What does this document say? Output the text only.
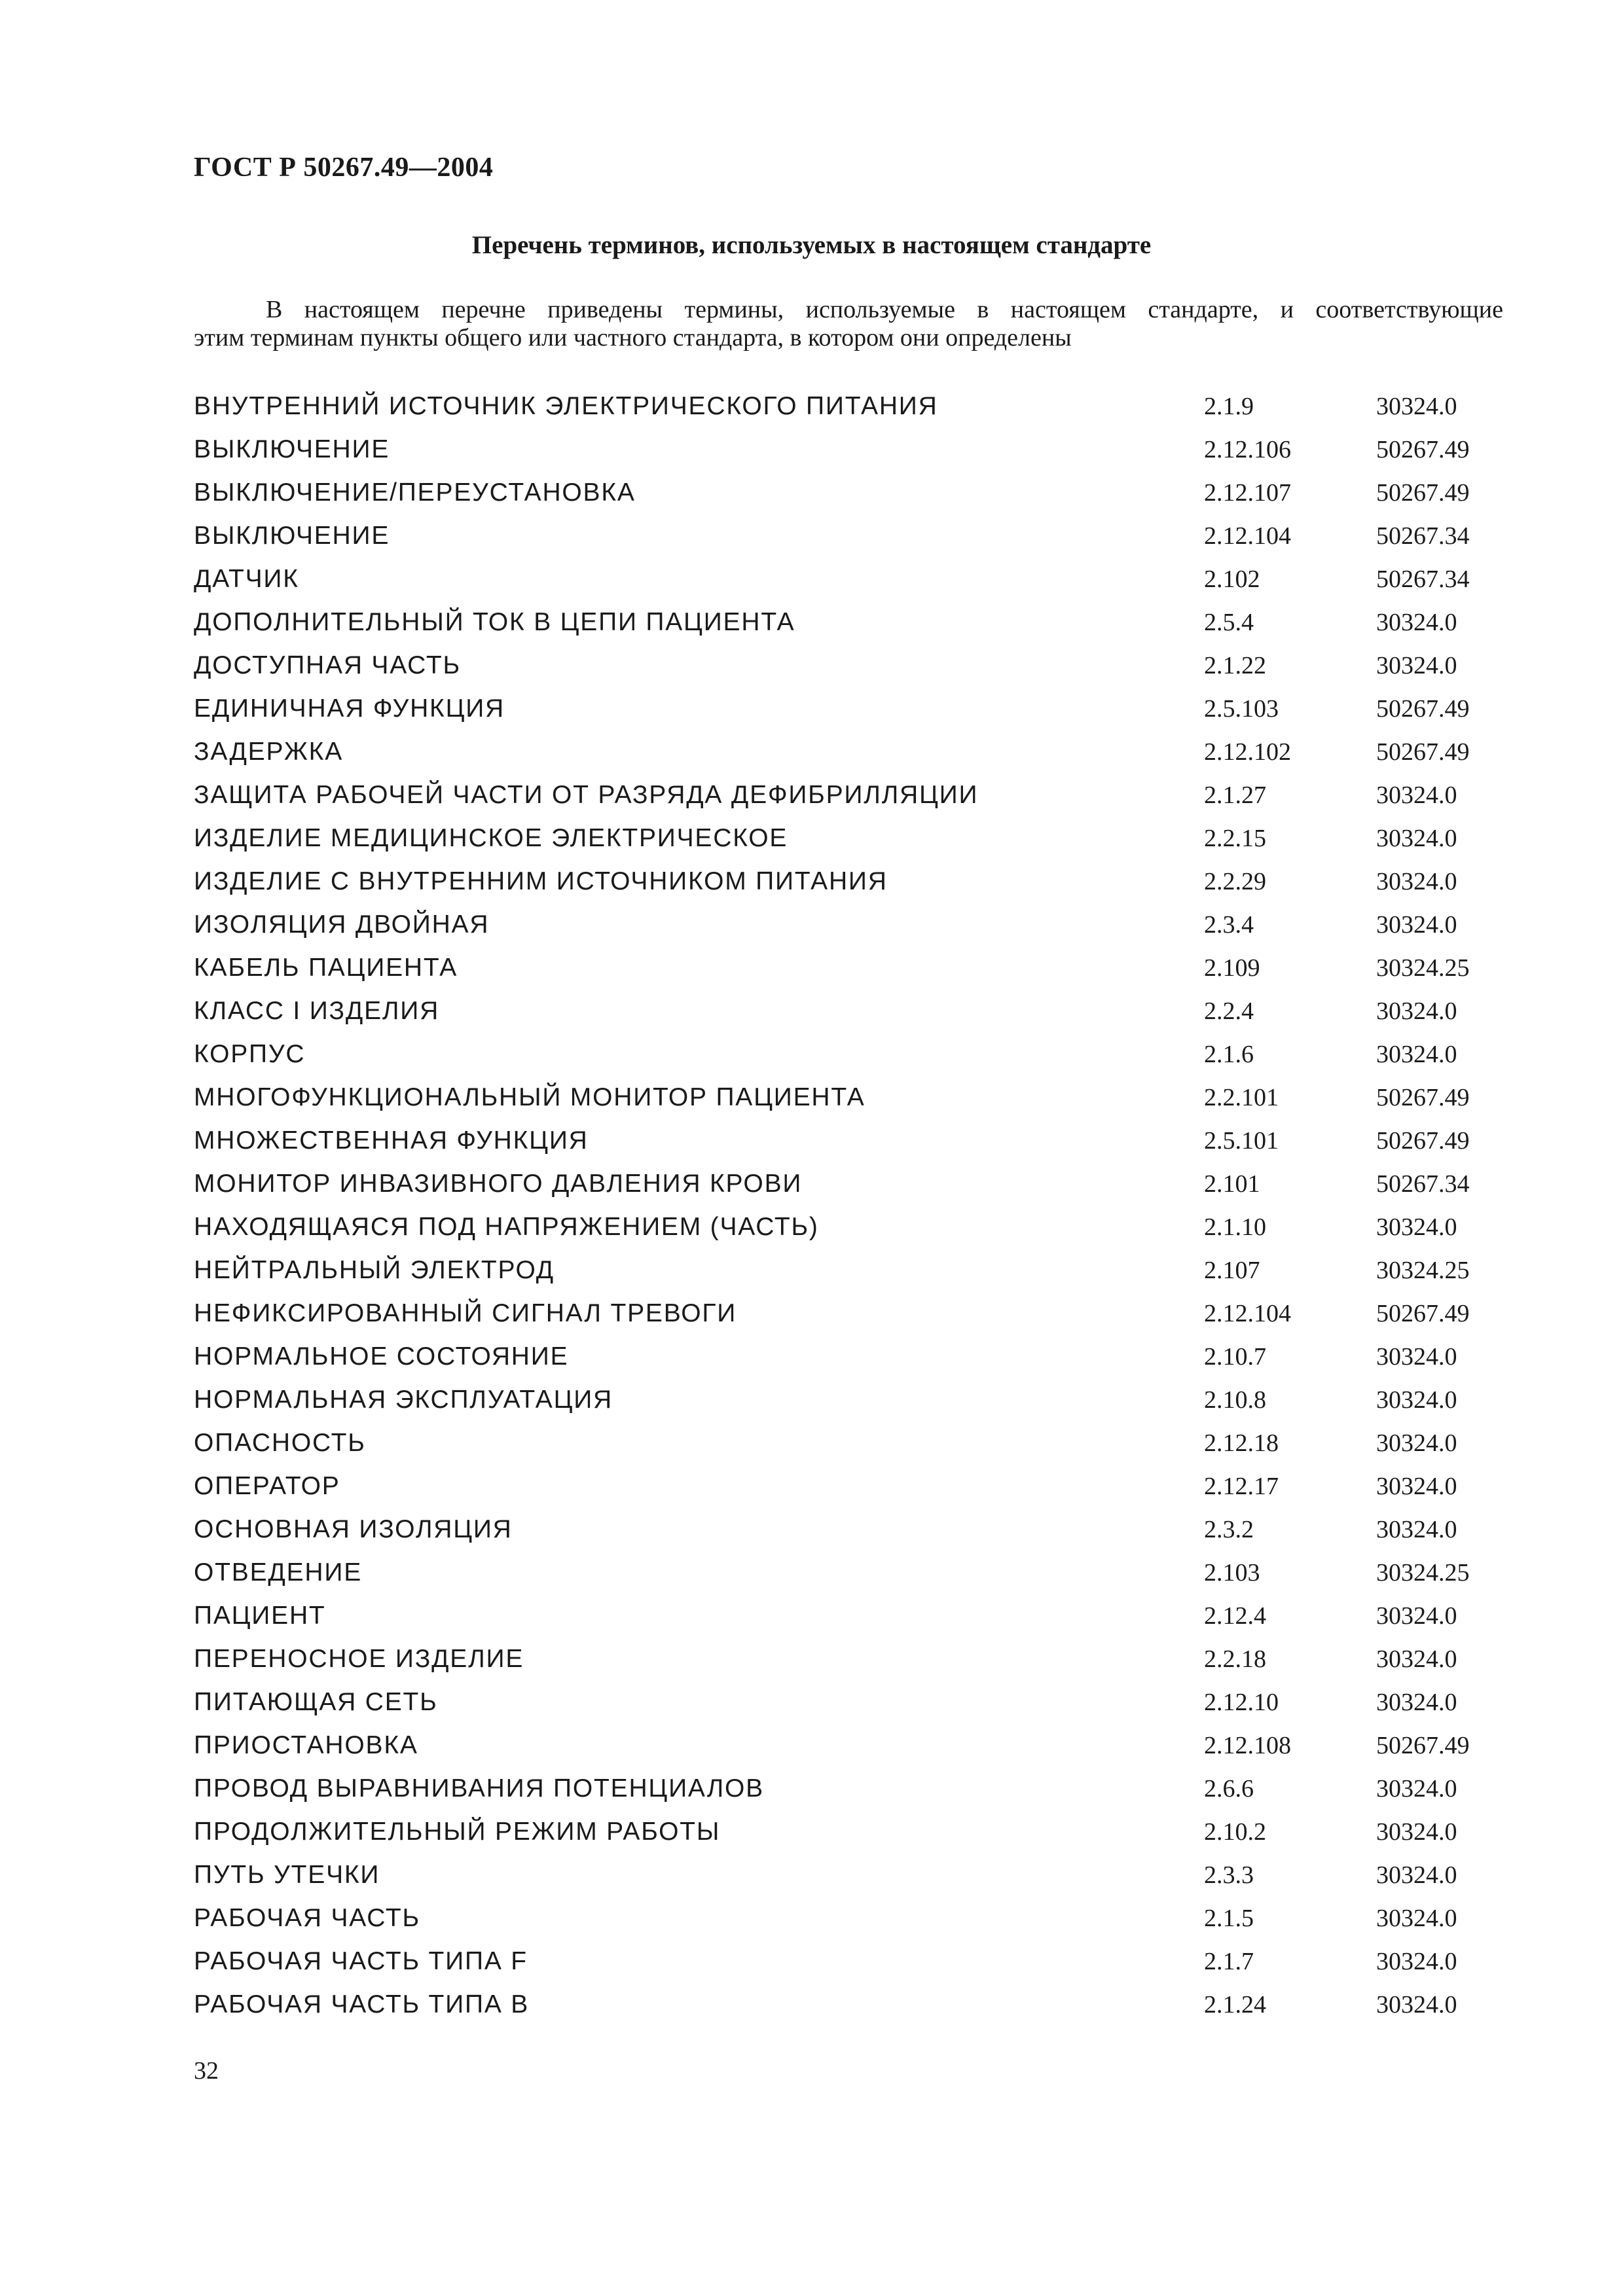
ГОСТ Р 50267.49—2004
Перечень терминов, используемых в настоящем стандарте
В настоящем перечне приведены термины, используемые в настоящем стандарте, и соответствующие
этим терминам пункты общего или частного стандарта, в котором они определены
ВНУТРЕННИЙ ИСТОЧНИК ЭЛЕКТРИЧЕСКОГО ПИТАНИЯ	2.1.9	30324.0
ВЫКЛЮЧЕНИЕ	2.12.106	50267.49
ВЫКЛЮЧЕНИЕ/ПЕРЕУСТАНОВКА	2.12.107	50267.49
ВЫКЛЮЧЕНИЕ	2.12.104	50267.34
ДАТЧИК	2.102	50267.34
ДОПОЛНИТЕЛЬНЫЙ ТОК В ЦЕПИ ПАЦИЕНТА	2.5.4	30324.0
ДОСТУПНАЯ ЧАСТЬ	2.1.22	30324.0
ЕДИНИЧНАЯ ФУНКЦИЯ	2.5.103	50267.49
ЗАДЕРЖКА	2.12.102	50267.49
ЗАЩИТА РАБОЧЕЙ ЧАСТИ ОТ РАЗРЯДА ДЕФИБРИЛЛЯЦИИ	2.1.27	30324.0
ИЗДЕЛИЕ МЕДИЦИНСКОЕ ЭЛЕКТРИЧЕСКОЕ	2.2.15	30324.0
ИЗДЕЛИЕ С ВНУТРЕННИМ ИСТОЧНИКОМ ПИТАНИЯ	2.2.29	30324.0
ИЗОЛЯЦИЯ ДВОЙНАЯ	2.3.4	30324.0
КАБЕЛЬ ПАЦИЕНТА	2.109	30324.25
КЛАСС I ИЗДЕЛИЯ	2.2.4	30324.0
КОРПУС	2.1.6	30324.0
МНОГОФУНКЦИОНАЛЬНЫЙ МОНИТОР ПАЦИЕНТА	2.2.101	50267.49
МНОЖЕСТВЕННАЯ ФУНКЦИЯ	2.5.101	50267.49
МОНИТОР ИНВАЗИВНОГО ДАВЛЕНИЯ КРОВИ	2.101	50267.34
НАХОДЯЩАЯСЯ ПОД НАПРЯЖЕНИЕМ (ЧАСТЬ)	2.1.10	30324.0
НЕЙТРАЛЬНЫЙ ЭЛЕКТРОД	2.107	30324.25
НЕФИКСИРОВАННЫЙ СИГНАЛ ТРЕВОГИ	2.12.104	50267.49
НОРМАЛЬНОЕ СОСТОЯНИЕ	2.10.7	30324.0
НОРМАЛЬНАЯ ЭКСПЛУАТАЦИЯ	2.10.8	30324.0
ОПАСНОСТЬ	2.12.18	30324.0
ОПЕРАТОР	2.12.17	30324.0
ОСНОВНАЯ ИЗОЛЯЦИЯ	2.3.2	30324.0
ОТВЕДЕНИЕ	2.103	30324.25
ПАЦИЕНТ	2.12.4	30324.0
ПЕРЕНОСНОЕ ИЗДЕЛИЕ	2.2.18	30324.0
ПИТАЮЩАЯ СЕТЬ	2.12.10	30324.0
ПРИОСТАНОВКА	2.12.108	50267.49
ПРОВОД ВЫРАВНИВАНИЯ ПОТЕНЦИАЛОВ	2.6.6	30324.0
ПРОДОЛЖИТЕЛЬНЫЙ РЕЖИМ РАБОТЫ	2.10.2	30324.0
ПУТЬ УТЕЧКИ	2.3.3	30324.0
РАБОЧАЯ ЧАСТЬ	2.1.5	30324.0
РАБОЧАЯ ЧАСТЬ ТИПА F	2.1.7	30324.0
РАБОЧАЯ ЧАСТЬ ТИПА В	2.1.24	30324.0
32
